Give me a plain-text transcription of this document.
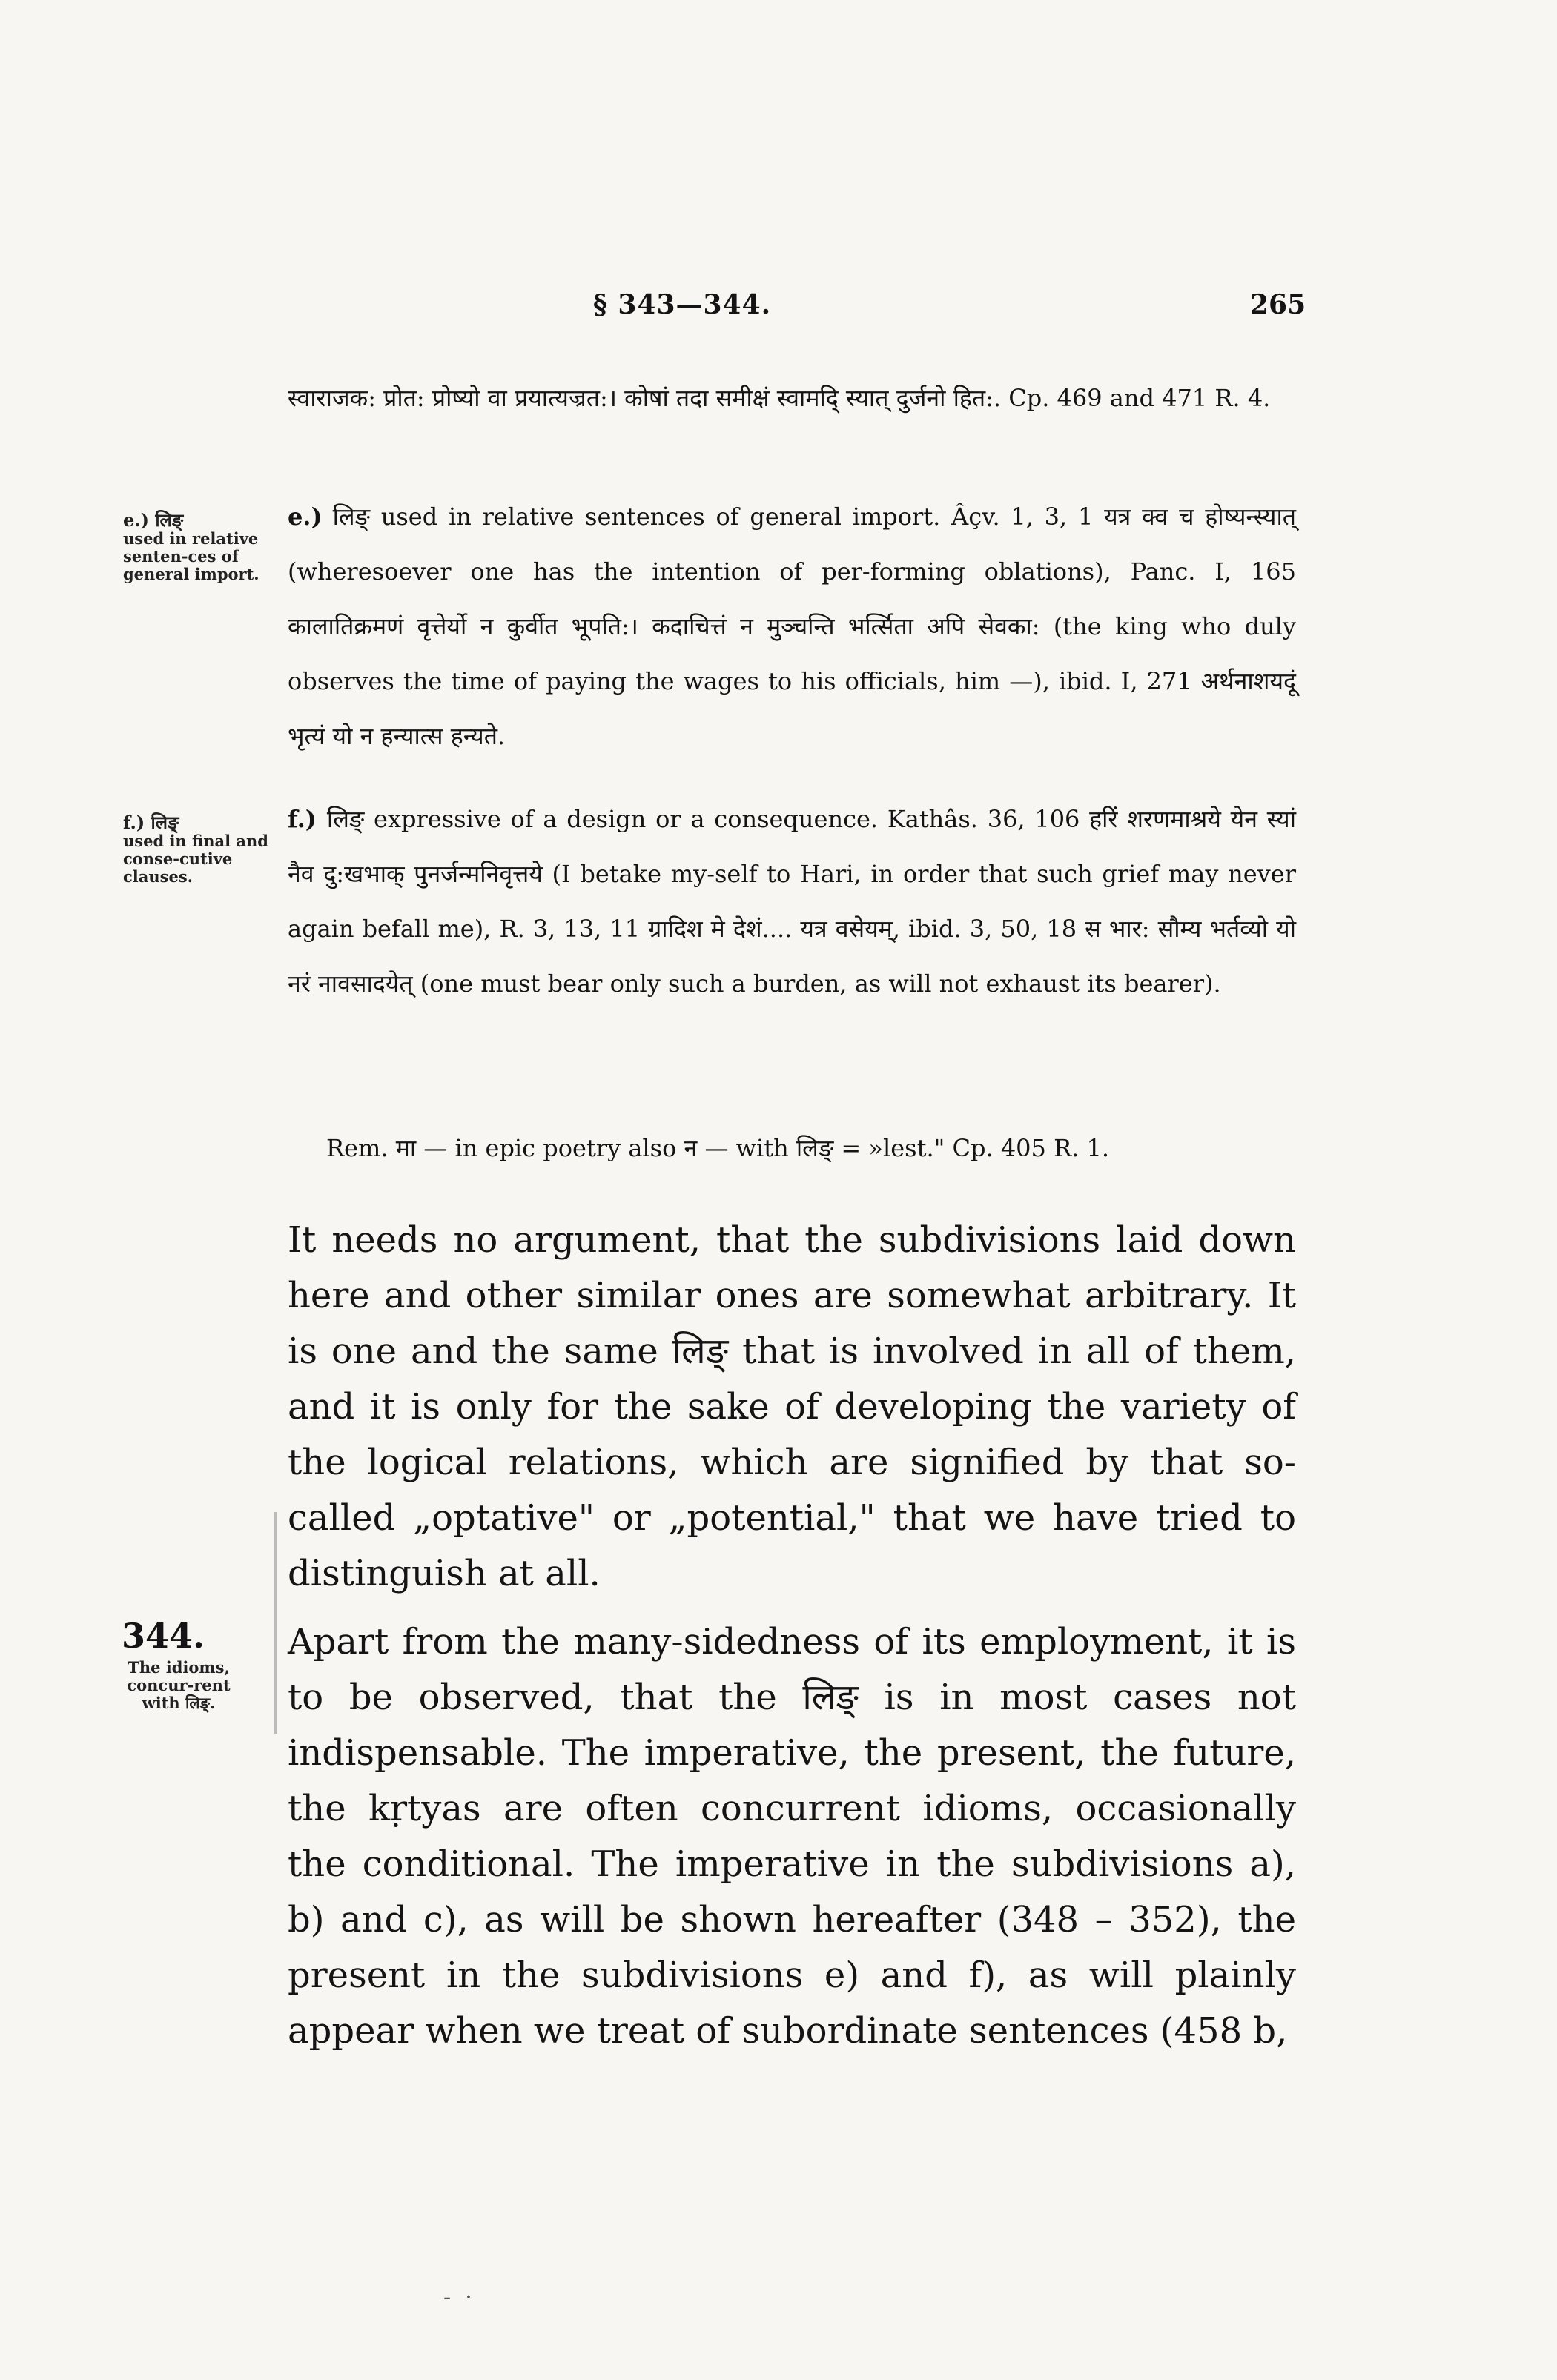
§ 343—344.	265

स्वाराजक: प्रोत: प्रोष्यो वा प्रयात्‍यज्रत:। कोषां तदा समीक्षं स्वामदि् स्यात् दुर्जनो हित:. Cp. 469 and 471 R. 4.

e.) लिङ्
used in relative senten-ces of general import.

e.) लिङ् used in relative sentences of general import. Âçv. 1, 3, 1 यत्र क्व च होष्यन्स्यात् (wheresoever one has the intention of per-forming oblations), Panc. I, 165 कालातिक्रमणं वृत्तेर्यो न कुर्वीत भूपति:। कदाचित्तं न मुञ्चन्ति भर्त्सिता अपि सेवका: (the king who duly observes the time of paying the wages to his officials, him —), ibid. I, 271 अर्थनाशयदूं भृत्यं यो न हन्यात्स हन्यते.

f.) लिङ्
used in final and conse-cutive clauses.

f.) लिङ् expressive of a design or a consequence. Kathâs. 36, 106 हरिं शरणमाश्रये येन स्यां नैव दु:खभाक् पुनर्जन्मनिवृत्तये (I betake my-self to Hari, in order that such grief may never again befall me), R. 3, 13, 11 ग्रादिश मे देशं.... यत्र वसेयम्, ibid. 3, 50, 18 स भार: सौम्य भर्तव्यो यो नरं नावसादयेत् (one must bear only such a burden, as will not exhaust its bearer).

Rem. मा — in epic poetry also न — with लिङ् = »lest." Cp. 405 R. 1.

It needs no argument, that the subdivisions laid down here and other similar ones are somewhat arbitrary. It is one and the same लिङ् that is involved in all of them, and it is only for the sake of developing the variety of the logical relations, which are signified by that so-called „optative" or „potential," that we have tried to distinguish at all.

344.
The idioms, concur-rent with लिङ्.

Apart from the many-sidedness of its employment, it is to be observed, that the लिङ् is in most cases not indispensable. The imperative, the present, the future, the kṛtyas are often concurrent idioms, occasionally the conditional. The imperative in the subdivisions a), b) and c), as will be shown hereafter (348 – 352), the present in the subdivisions e) and f), as will plainly appear when we treat of subordinate sentences (458 b,

-  ·
